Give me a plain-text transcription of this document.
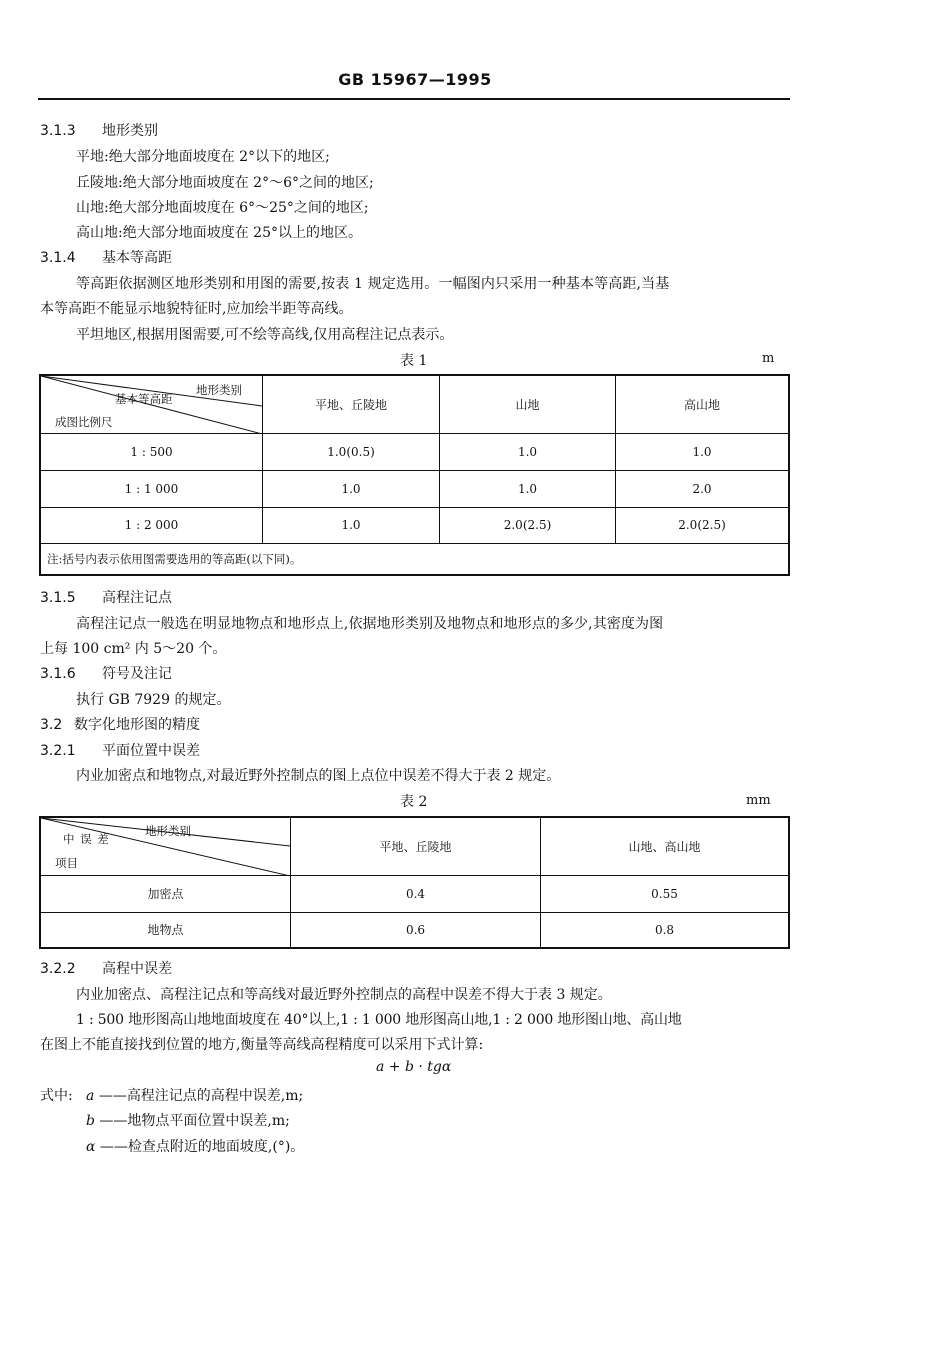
GB 15967—1995
3.1.3 地形类别
平地:绝大部分地面坡度在 2°以下的地区;
丘陵地:绝大部分地面坡度在 2°～6°之间的地区;
山地:绝大部分地面坡度在 6°～25°之间的地区;
高山地:绝大部分地面坡度在 25°以上的地区。
3.1.4 基本等高距
等高距依据测区地形类别和用图的需要,按表 1 规定选用。一幅图内只采用一种基本等高距,当基
本等高距不能显示地貌特征时,应加绘半距等高线。
平坦地区,根据用图需要,可不绘等高线,仅用高程注记点表示。
表 1	m
地形类别
基本等高距
成图比例尺	平地、丘陵地	山地	高山地
1 : 500	1.0(0.5)	1.0	1.0
1 : 1 000	1.0	1.0	2.0
1 : 2 000	1.0	2.0(2.5)	2.0(2.5)
注:括号内表示依用图需要选用的等高距(以下同)。			
3.1.5 高程注记点
高程注记点一般选在明显地物点和地形点上,依据地形类别及地物点和地形点的多少,其密度为图
上每 100 cm² 内 5～20 个。
3.1.6 符号及注记
执行 GB 7929 的规定。
3.2 数字化地形图的精度
3.2.1 平面位置中误差
内业加密点和地物点,对最近野外控制点的图上点位中误差不得大于表 2 规定。
表 2	mm
地形类别
中 误 差
项目	平地、丘陵地	山地、高山地
加密点	0.4	0.55
地物点	0.6	0.8
3.2.2 高程中误差
内业加密点、高程注记点和等高线对最近野外控制点的高程中误差不得大于表 3 规定。
1 : 500 地形图高山地地面坡度在 40°以上,1 : 1 000 地形图高山地,1 : 2 000 地形图山地、高山地
在图上不能直接找到位置的地方,衡量等高线高程精度可以采用下式计算:
a + b · tgα
式中: a ——高程注记点的高程中误差,m;
b ——地物点平面位置中误差,m;
α ——检查点附近的地面坡度,(°)。
